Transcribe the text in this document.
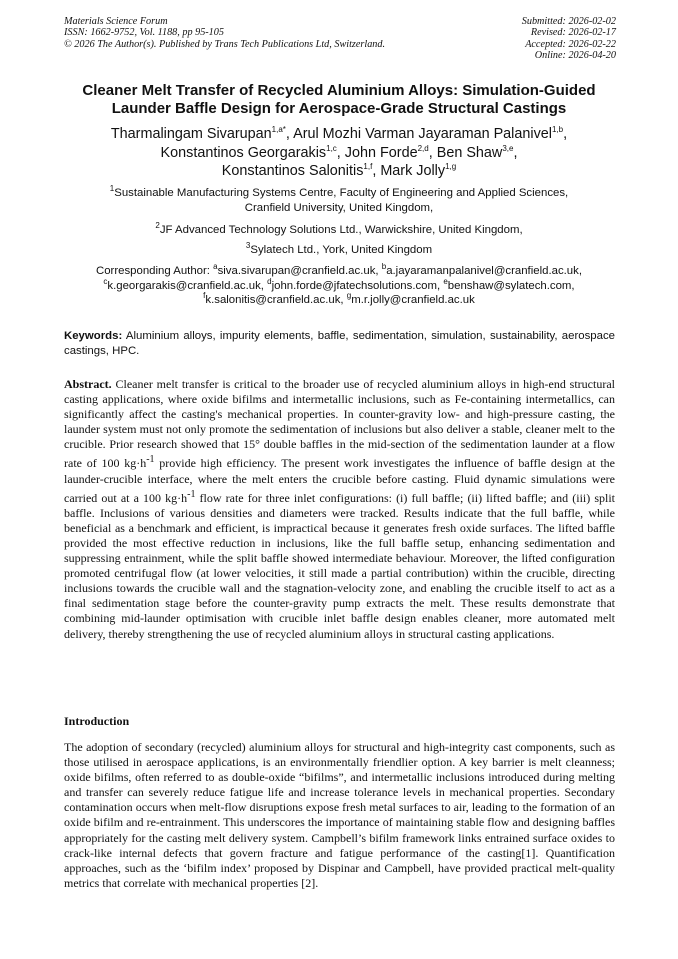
Materials Science Forum
ISSN: 1662-9752, Vol. 1188, pp 95-105
© 2026 The Author(s). Published by Trans Tech Publications Ltd, Switzerland.
Submitted: 2026-02-02
Revised: 2026-02-17
Accepted: 2026-02-22
Online: 2026-04-20
Cleaner Melt Transfer of Recycled Aluminium Alloys: Simulation-Guided
Launder Baffle Design for Aerospace-Grade Structural Castings
Tharmalingam Sivarupan$^{1,a*}$, Arul Mozhi Varman Jayaraman Palanivel$^{1,b}$,
Konstantinos Georgarakis$^{1,c}$, John Forde$^{2,d}$, Ben Shaw$^{3,e}$,
Konstantinos Salonitis$^{1,f}$, Mark Jolly$^{1,g}$
$^1$Sustainable Manufacturing Systems Centre, Faculty of Engineering and Applied Sciences,
Cranfield University, United Kingdom,
$^2$JF Advanced Technology Solutions Ltd., Warwickshire, United Kingdom,
$^3$Sylatech Ltd., York, United Kingdom
Corresponding Author: $^a$siva.sivarupan@cranfield.ac.uk, $^b$a.jayaramanpalanivel@cranfield.ac.uk,
$^c$k.georgarakis@cranfield.ac.uk, $^d$john.forde@jfatechsolutions.com, $^e$benshaw@sylatech.com,
$^f$k.salonitis@cranfield.ac.uk, $^g$m.r.jolly@cranfield.ac.uk
Keywords: Aluminium alloys, impurity elements, baffle, sedimentation, simulation, sustainability, aerospace castings, HPC.
Abstract. Cleaner melt transfer is critical to the broader use of recycled aluminium alloys in high-end structural casting applications, where oxide bifilms and intermetallic inclusions, such as Fe-containing intermetallics, can significantly affect the casting's mechanical properties. In counter-gravity low- and high-pressure casting, the launder system must not only promote the sedimentation of inclusions but also deliver a stable, cleaner melt to the crucible. Prior research showed that 15° double baffles in the mid-section of the sedimentation launder at a flow rate of 100 $kg\cdot h^{-1}$ provide high efficiency. The present work investigates the influence of baffle design at the launder-crucible interface, where the melt enters the crucible before casting. Fluid dynamic simulations were carried out at a 100 $kg\cdot h^{-1}$ flow rate for three inlet configurations: (i) full baffle; (ii) lifted baffle; and (iii) split baffle. Inclusions of various densities and diameters were tracked. Results indicate that the full baffle, while beneficial as a benchmark and efficient, is impractical because it generates fresh oxide surfaces. The lifted baffle provided the most effective reduction in inclusions, like the full baffle setup, enhancing sedimentation and suppressing entrainment, while the split baffle showed intermediate behaviour. Moreover, the lifted configuration promoted centrifugal flow (at lower velocities, it still made a partial contribution) within the crucible, directing inclusions towards the crucible wall and the stagnation-velocity zone, and enabling the crucible itself to act as a final sedimentation stage before the counter-gravity pump extracts the melt. These results demonstrate that combining mid-launder optimisation with crucible inlet baffle design enables cleaner, more automated melt delivery, thereby strengthening the use of recycled aluminium alloys in structural casting applications.
Introduction
The adoption of secondary (recycled) aluminium alloys for structural and high-integrity cast components, such as those utilised in aerospace applications, is an environmentally friendlier option. A key barrier is melt cleanness; oxide bifilms, often referred to as double-oxide “bifilms”, and intermetallic inclusions introduced during melting and transfer can severely reduce fatigue life and increase tolerance levels in mechanical properties. Secondary contamination occurs when melt-flow disruptions expose fresh metal surfaces to air, leading to the formation of an oxide bifilm and re-entrainment. This underscores the importance of maintaining stable flow and designing baffles appropriately for the casting melt delivery system. Campbell’s bifilm framework links entrained surface oxides to crack-like internal defects that govern fracture and fatigue performance of the casting[1]. Quantification approaches, such as the ‘bifilm index’ proposed by Dispinar and Campbell, have provided practical melt-quality metrics that correlate with mechanical properties [2].
